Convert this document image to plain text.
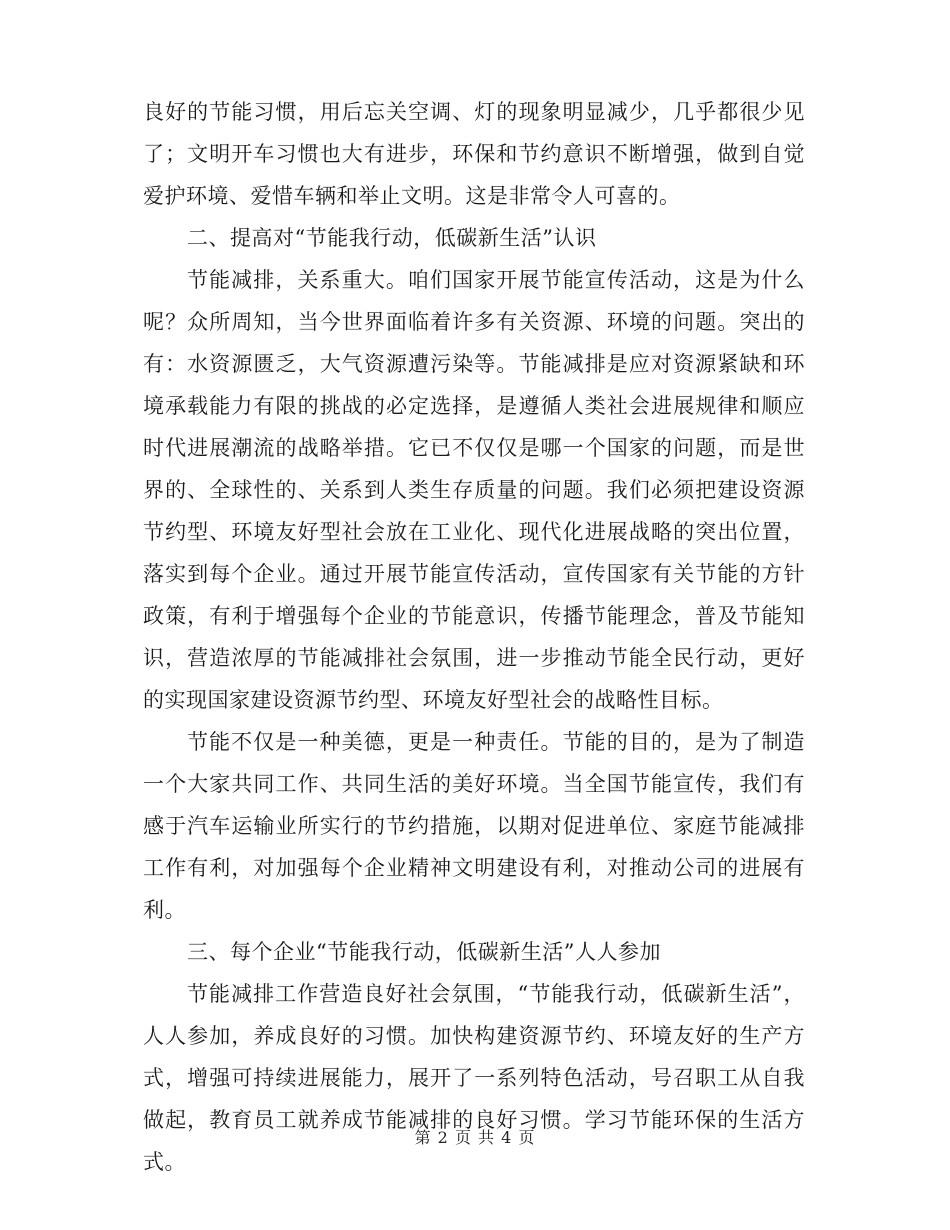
良好的节能习惯，用后忘关空调、灯的现象明显减少，几乎都很少见
了；文明开车习惯也大有进步，环保和节约意识不断增强，做到自觉
爱护环境、爱惜车辆和举止文明。这是非常令人可喜的。
二、提高对“节能我行动，低碳新生活”认识
节能减排，关系重大。咱们国家开展节能宣传活动，这是为什么
呢？众所周知，当今世界面临着许多有关资源、环境的问题。突出的
有：水资源匮乏，大气资源遭污染等。节能减排是应对资源紧缺和环
境承载能力有限的挑战的必定选择，是遵循人类社会进展规律和顺应
时代进展潮流的战略举措。它已不仅仅是哪一个国家的问题，而是世
界的、全球性的、关系到人类生存质量的问题。我们必须把建设资源
节约型、环境友好型社会放在工业化、现代化进展战略的突出位置，
落实到每个企业。通过开展节能宣传活动，宣传国家有关节能的方针
政策，有利于增强每个企业的节能意识，传播节能理念，普及节能知
识，营造浓厚的节能减排社会氛围，进一步推动节能全民行动，更好
的实现国家建设资源节约型、环境友好型社会的战略性目标。
节能不仅是一种美德，更是一种责任。节能的目的，是为了制造
一个大家共同工作、共同生活的美好环境。当全国节能宣传，我们有
感于汽车运输业所实行的节约措施，以期对促进单位、家庭节能减排
工作有利，对加强每个企业精神文明建设有利，对推动公司的进展有
利。
三、每个企业“节能我行动，低碳新生活”人人参加
节能减排工作营造良好社会氛围，“节能我行动，低碳新生活”，
人人参加，养成良好的习惯。加快构建资源节约、环境友好的生产方
式，增强可持续进展能力，展开了一系列特色活动，号召职工从自我
做起，教育员工就养成节能减排的良好习惯。学习节能环保的生活方
式。
第 2 页 共 4 页
